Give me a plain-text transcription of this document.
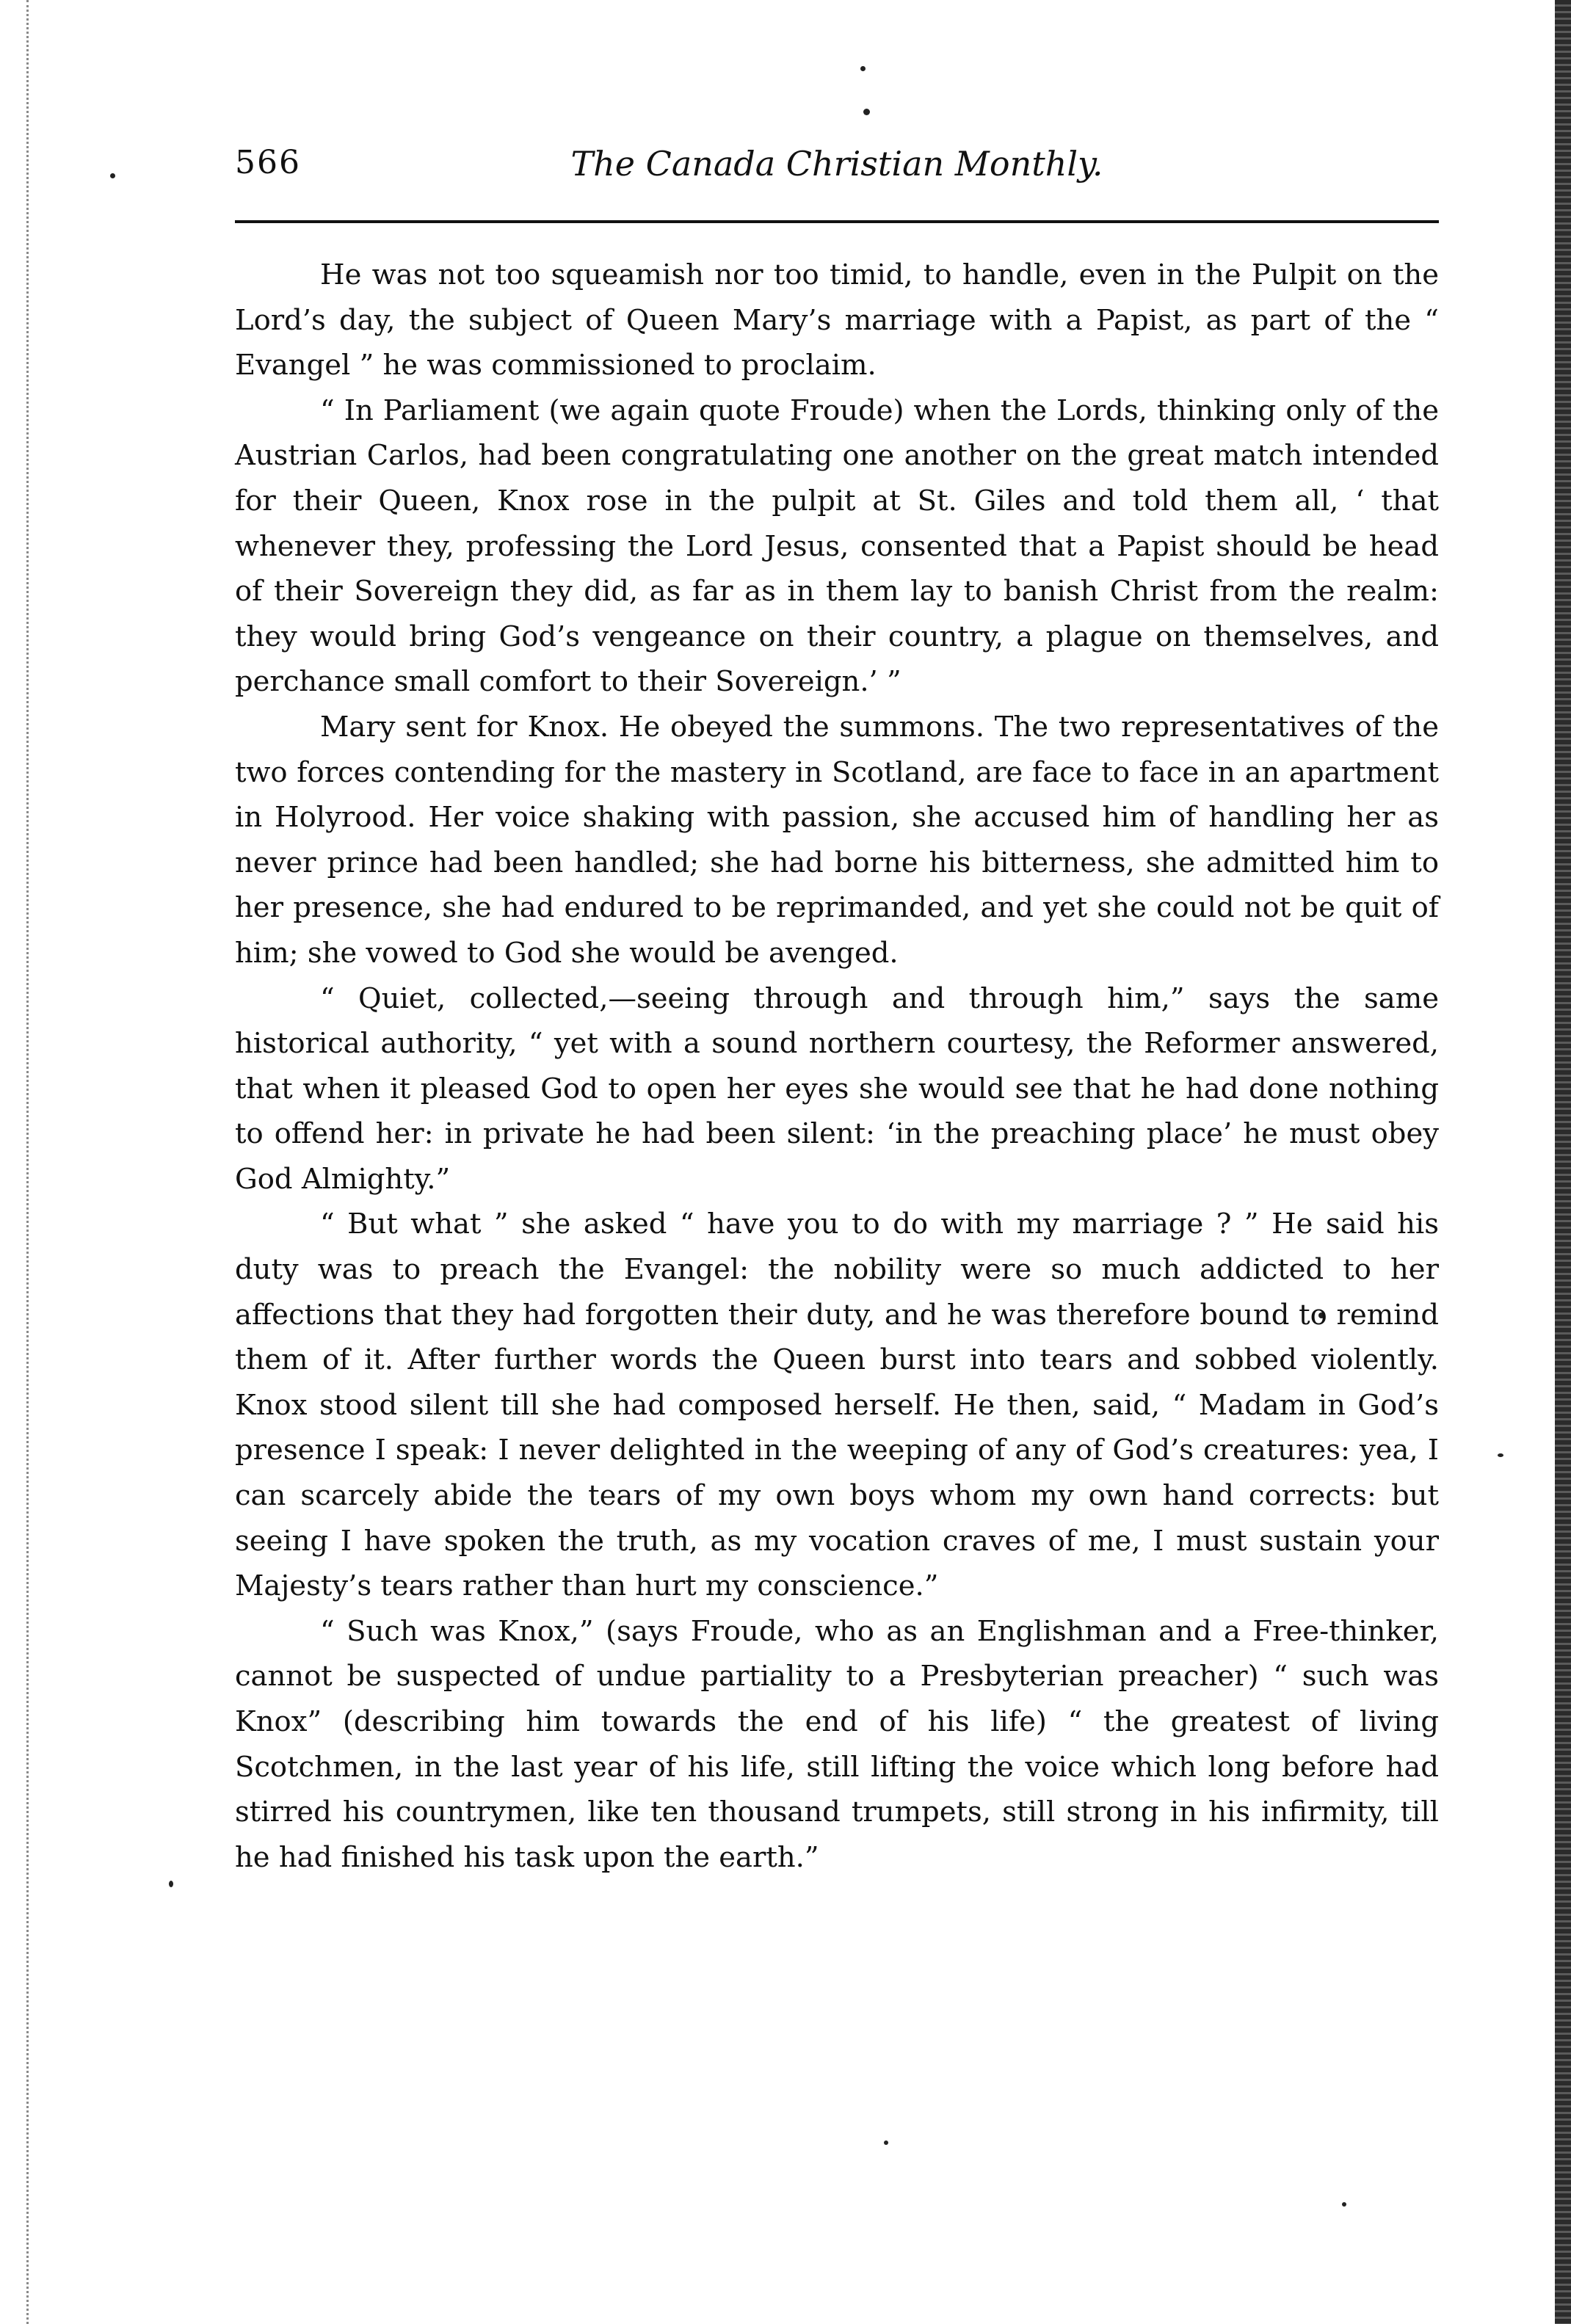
566	The Canada Christian Monthly.

He was not too squeamish nor too timid, to handle, even in the Pulpit on the Lord’s day, the subject of Queen Mary’s marriage with a Papist, as part of the “ Evangel ” he was commissioned to proclaim.

“ In Parliament (we again quote Froude) when the Lords, thinking only of the Austrian Carlos, had been congratulating one another on the great match intended for their Queen, Knox rose in the pulpit at St. Giles and told them all, ‘ that whenever they, professing the Lord Jesus, consented that a Papist should be head of their Sovereign they did, as far as in them lay to banish Christ from the realm: they would bring God’s vengeance on their country, a plague on themselves, and perchance small comfort to their Sovereign.’ ”

Mary sent for Knox. He obeyed the summons. The two representatives of the two forces contending for the mastery in Scotland, are face to face in an apartment in Holyrood. Her voice shaking with passion, she accused him of handling her as never prince had been handled; she had borne his bitterness, she admitted him to her presence, she had endured to be reprimanded, and yet she could not be quit of him; she vowed to God she would be avenged.

“ Quiet, collected,—seeing through and through him,” says the same historical authority, “ yet with a sound northern courtesy, the Reformer answered, that when it pleased God to open her eyes she would see that he had done nothing to offend her: in private he had been silent: ‘in the preaching place’ he must obey God Almighty.”

“ But what ” she asked “ have you to do with my marriage ? ” He said his duty was to preach the Evangel: the nobility were so much addicted to her affections that they had forgotten their duty, and he was therefore bound to remind them of it. After further words the Queen burst into tears and sobbed violently. Knox stood silent till she had composed herself. He then, said, “ Madam in God’s presence I speak: I never delighted in the weeping of any of God’s creatures: yea, I can scarcely abide the tears of my own boys whom my own hand corrects: but seeing I have spoken the truth, as my vocation craves of me, I must sustain your Majesty’s tears rather than hurt my conscience.”

“ Such was Knox,” (says Froude, who as an Englishman and a Free-thinker, cannot be suspected of undue partiality to a Presbyterian preacher) “ such was Knox” (describing him towards the end of his life) “ the greatest of living Scotchmen, in the last year of his life, still lifting the voice which long before had stirred his countrymen, like ten thousand trumpets, still strong in his infirmity, till he had finished his task upon the earth.”
